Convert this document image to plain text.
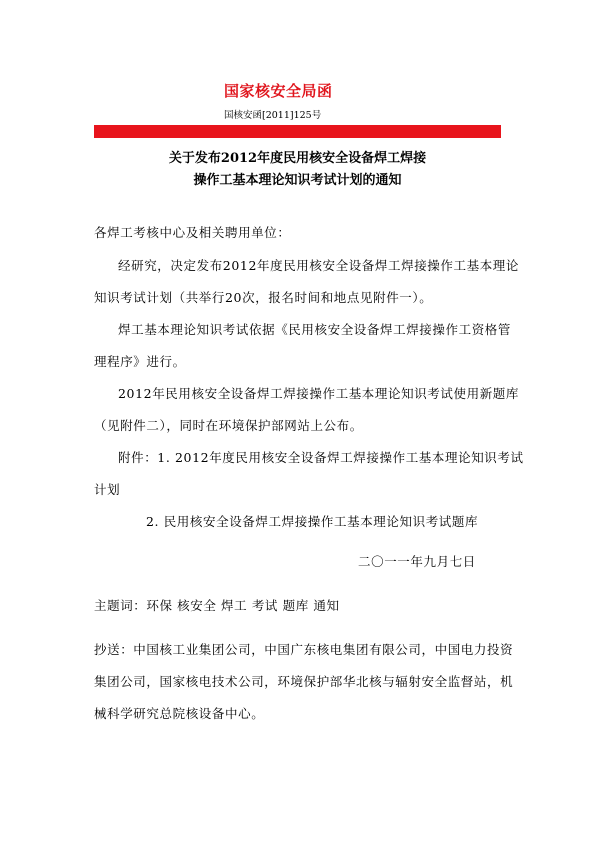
国家核安全局函
国核安函[2011]125号
关于发布2012年度民用核安全设备焊工焊接
操作工基本理论知识考试计划的通知
各焊工考核中心及相关聘用单位：
经研究，决定发布2012年度民用核安全设备焊工焊接操作工基本理论
知识考试计划（共举行20次，报名时间和地点见附件一）。
焊工基本理论知识考试依据《民用核安全设备焊工焊接操作工资格管
理程序》进行。
2012年民用核安全设备焊工焊接操作工基本理论知识考试使用新题库
（见附件二），同时在环境保护部网站上公布。
附件：1. 2012年度民用核安全设备焊工焊接操作工基本理论知识考试
计划
2. 民用核安全设备焊工焊接操作工基本理论知识考试题库
二〇一一年九月七日
主题词：环保 核安全 焊工 考试 题库 通知
抄送：中国核工业集团公司，中国广东核电集团有限公司，中国电力投资
集团公司，国家核电技术公司，环境保护部华北核与辐射安全监督站，机
械科学研究总院核设备中心。
